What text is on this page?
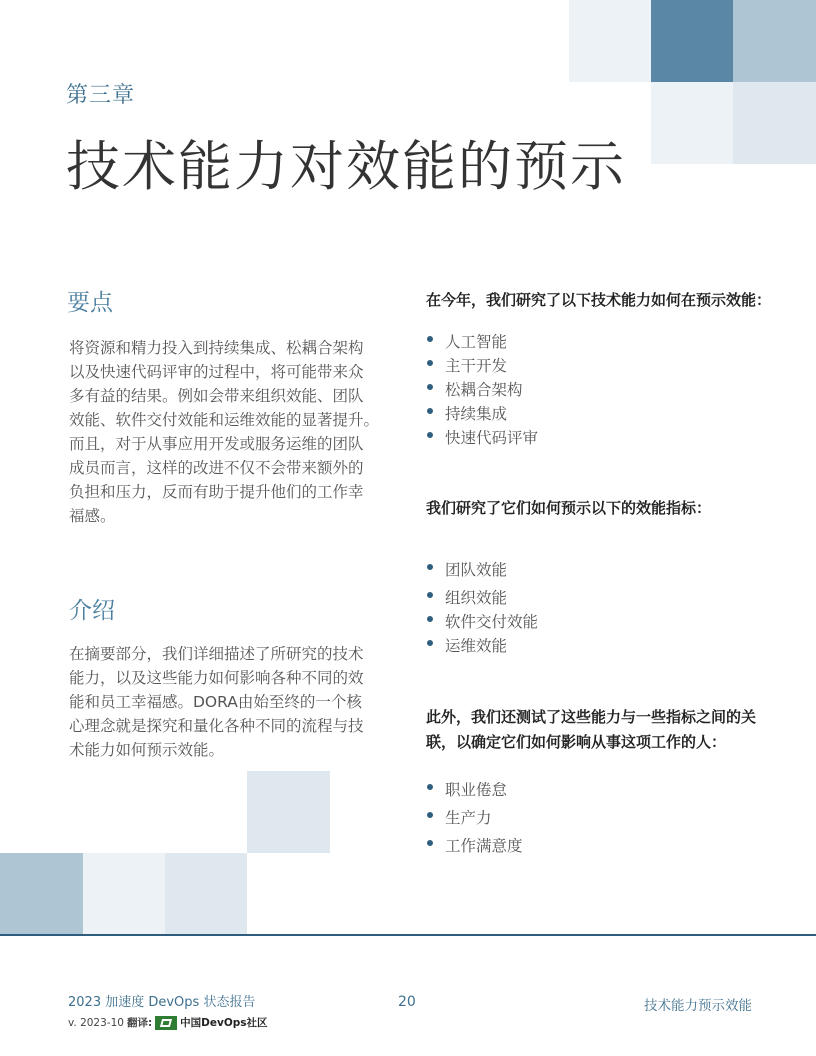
第三章
技术能力对效能的预示
要点
将资源和精力投入到持续集成、松耦合架构
以及快速代码评审的过程中，将可能带来众
多有益的结果。例如会带来组织效能、团队
效能、软件交付效能和运维效能的显著提升。
而且，对于从事应用开发或服务运维的团队
成员而言，这样的改进不仅不会带来额外的
负担和压力，反而有助于提升他们的工作幸
福感。
介绍
在摘要部分，我们详细描述了所研究的技术
能力，以及这些能力如何影响各种不同的效
能和员工幸福感。DORA由始至终的一个核
心理念就是探究和量化各种不同的流程与技
术能力如何预示效能。
在今年，我们研究了以下技术能力如何在预示效能：
人工智能
主干开发
松耦合架构
持续集成
快速代码评审
我们研究了它们如何预示以下的效能指标：
团队效能
组织效能
软件交付效能
运维效能
此外，我们还测试了这些能力与一些指标之间的关
联，以确定它们如何影响从事这项工作的人：
职业倦怠
生产力
工作满意度
2023 加速度 DevOps 状态报告
v. 2023-10 翻译:	中国DevOps社区
20	技术能力预示效能
